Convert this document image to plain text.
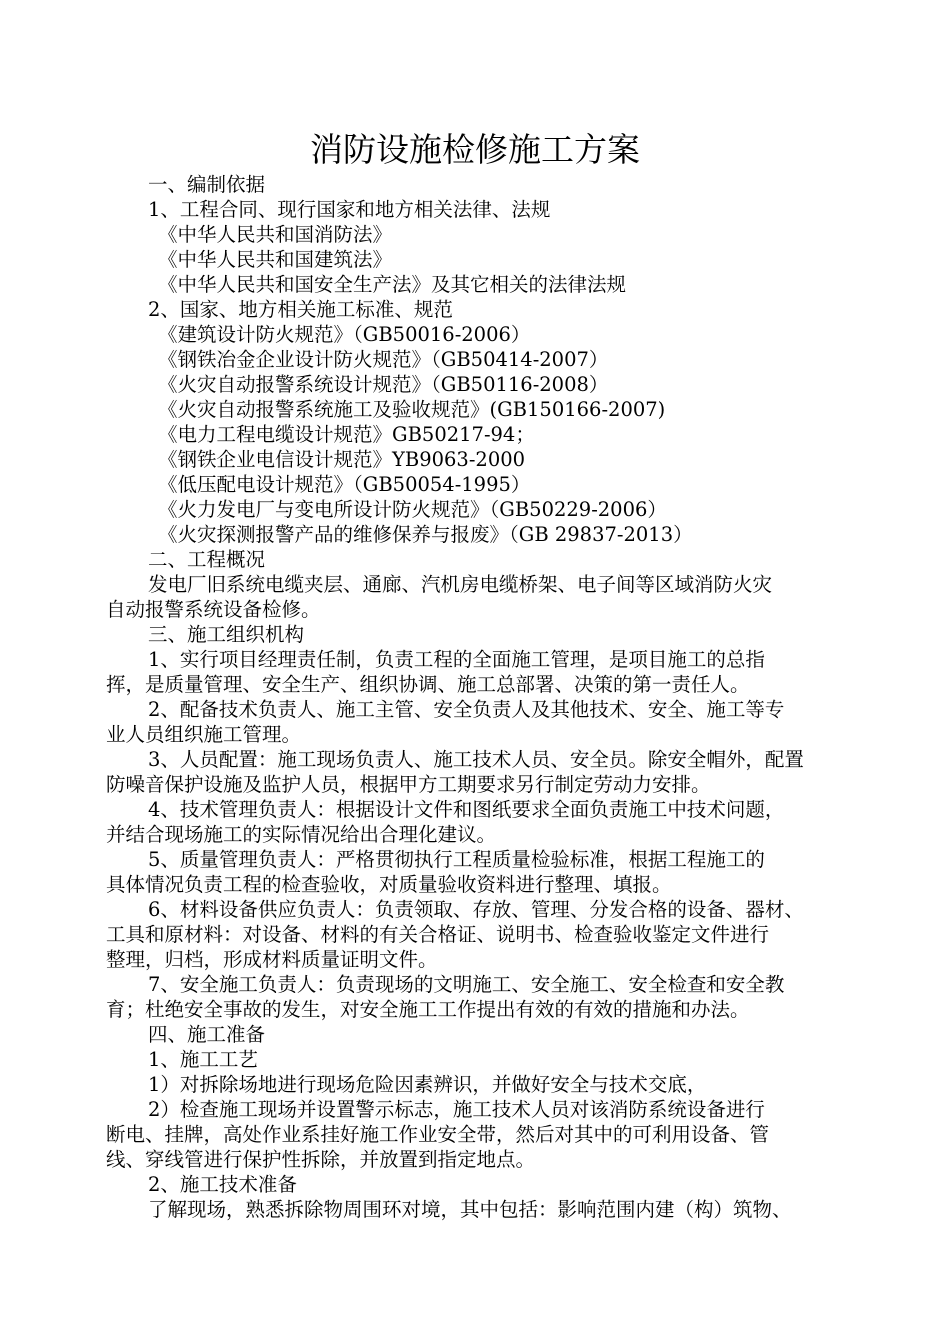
消防设施检修施工方案

一、编制依据

1、工程合同、现行国家和地方相关法律、法规

《中华人民共和国消防法》

《中华人民共和国建筑法》

《中华人民共和国安全生产法》及其它相关的法律法规

2、国家、地方相关施工标准、规范

《建筑设计防火规范》（GB50016-2006）

《钢铁冶金企业设计防火规范》（GB50414-2007）

《火灾自动报警系统设计规范》（GB50116-2008）

《火灾自动报警系统施工及验收规范》(GB150166-2007)

《电力工程电缆设计规范》GB50217-94；

《钢铁企业电信设计规范》YB9063-2000

《低压配电设计规范》（GB50054-1995）

《火力发电厂与变电所设计防火规范》（GB50229-2006）

《火灾探测报警产品的维修保养与报废》（GB 29837-2013）

二、工程概况

发电厂旧系统电缆夹层、通廊、汽机房电缆桥架、电子间等区域消防火灾

自动报警系统设备检修。

三、施工组织机构

1、实行项目经理责任制，负责工程的全面施工管理，是项目施工的总指

挥，是质量管理、安全生产、组织协调、施工总部署、决策的第一责任人。

2、配备技术负责人、施工主管、安全负责人及其他技术、安全、施工等专

业人员组织施工管理。

3、人员配置：施工现场负责人、施工技术人员、安全员。除安全帽外，配置

防噪音保护设施及监护人员，根据甲方工期要求另行制定劳动力安排。

4、技术管理负责人：根据设计文件和图纸要求全面负责施工中技术问题，

并结合现场施工的实际情况给出合理化建议。

5、质量管理负责人：严格贯彻执行工程质量检验标准，根据工程施工的

具体情况负责工程的检查验收，对质量验收资料进行整理、填报。

6、材料设备供应负责人：负责领取、存放、管理、分发合格的设备、器材、

工具和原材料：对设备、材料的有关合格证、说明书、检查验收鉴定文件进行

整理，归档，形成材料质量证明文件。

7、安全施工负责人：负责现场的文明施工、安全施工、安全检查和安全教

育；杜绝安全事故的发生，对安全施工工作提出有效的有效的措施和办法。

四、施工准备

1、施工工艺

1）对拆除场地进行现场危险因素辨识，并做好安全与技术交底，

2）检查施工现场并设置警示标志，施工技术人员对该消防系统设备进行

断电、挂牌，高处作业系挂好施工作业安全带，然后对其中的可利用设备、管

线、穿线管进行保护性拆除，并放置到指定地点。

2、施工技术准备

了解现场，熟悉拆除物周围环对境，其中包括：影响范围内建（构）筑物、
